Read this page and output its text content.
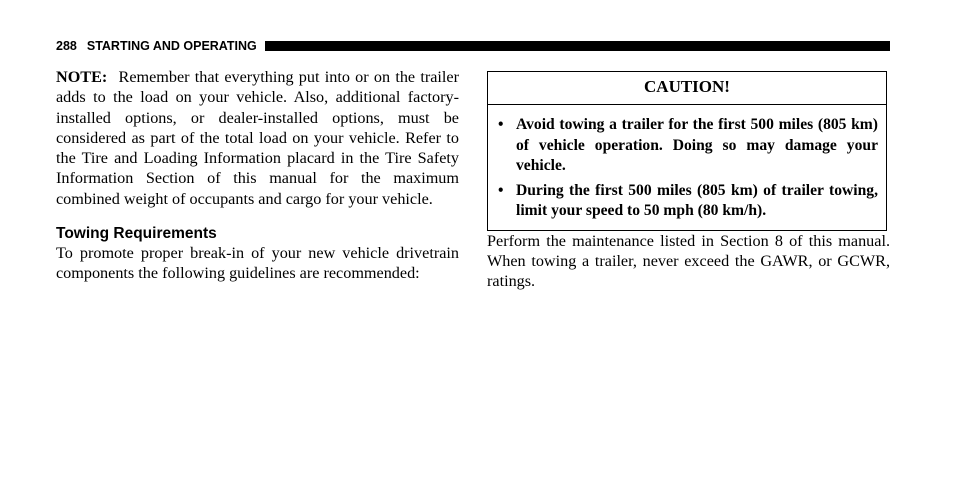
288 STARTING AND OPERATING

NOTE: Remember that everything put into or on the trailer adds to the load on your vehicle. Also, additional factory-installed options, or dealer-installed options, must be considered as part of the total load on your vehicle. Refer to the Tire and Loading Information placard in the Tire Safety Information Section of this manual for the maximum combined weight of occupants and cargo for your vehicle.

Towing Requirements

To promote proper break-in of your new vehicle drivetrain components the following guidelines are recommended:

CAUTION!
• Avoid towing a trailer for the first 500 miles (805 km) of vehicle operation. Doing so may damage your vehicle.
• During the first 500 miles (805 km) of trailer towing, limit your speed to 50 mph (80 km/h).

Perform the maintenance listed in Section 8 of this manual. When towing a trailer, never exceed the GAWR, or GCWR, ratings.
